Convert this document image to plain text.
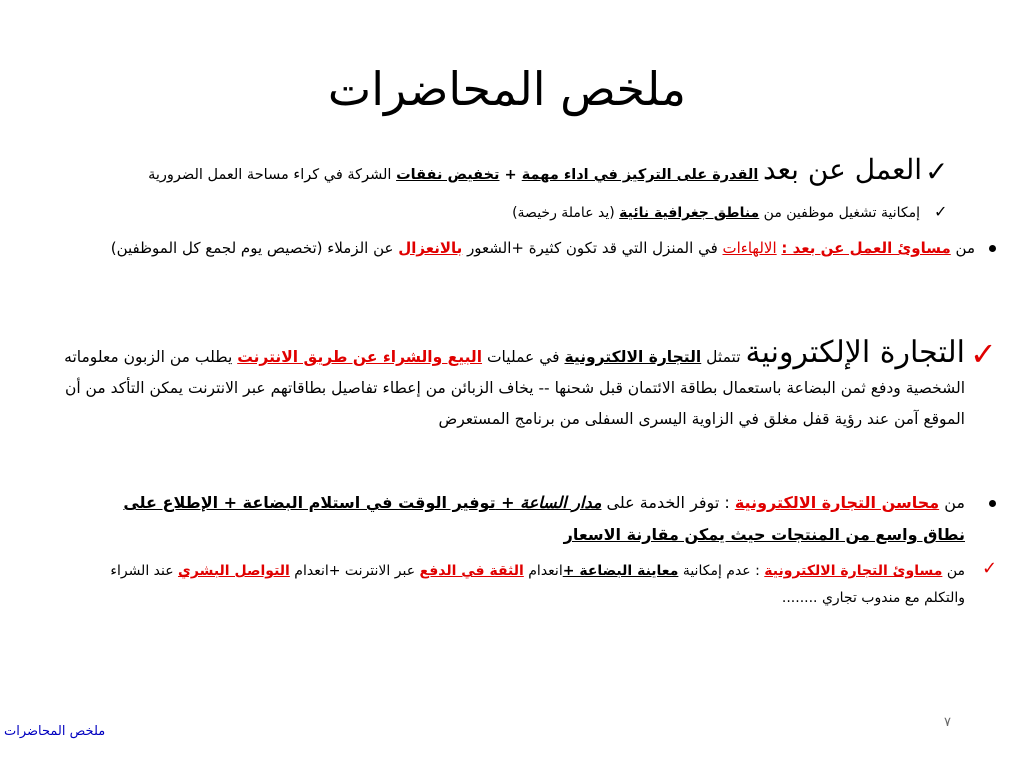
ملخص المحاضرات
✓

العمل عن بعد القدرة على التركيز في اداء مهمة + تخفيض نفقات الشركة في كراء مساحة العمل الضرورية

✓

إمكانية تشغيل موظفين من مناطق جغرافية نائية (يد عاملة رخيصة)

من مساوئ العمل عن بعد : الالهاءات في المنزل التي قد تكون كثيرة +الشعور بالانعزال عن الزملاء (تخصيص يوم لجمع كل الموظفين)

✓

التجارة الإلكترونية تتمثل التجارة الالكترونية في عمليات البيع والشراء عن طريق الانترنت يطلب من الزبون معلوماته الشخصية ودفع ثمن البضاعة باستعمال بطاقة الائتمان قبل شحنها -- يخاف الزبائن من إعطاء تفاصيل بطاقاتهم عبر الانترنت يمكن التأكد من أن الموقع آمن عند رؤية قفل مغلق في الزاوية اليسرى السفلى من برنامج المستعرض

من محاسن التجارة الالكترونية : توفر الخدمة على مدار الساعة + توفير الوقت في استلام البضاعة + الإطلاع على نطاق واسع من المنتجات حيث يمكن مقارنة الاسعار

✓

من مساوئ التجارة الالكترونية : عدم إمكانية معاينة البضاعة +انعدام الثقة في الدفع عبر الانترنت +انعدام التواصل البشري عند الشراء والتكلم مع مندوب تجاري ........

٧
ملخص المحاضرات
